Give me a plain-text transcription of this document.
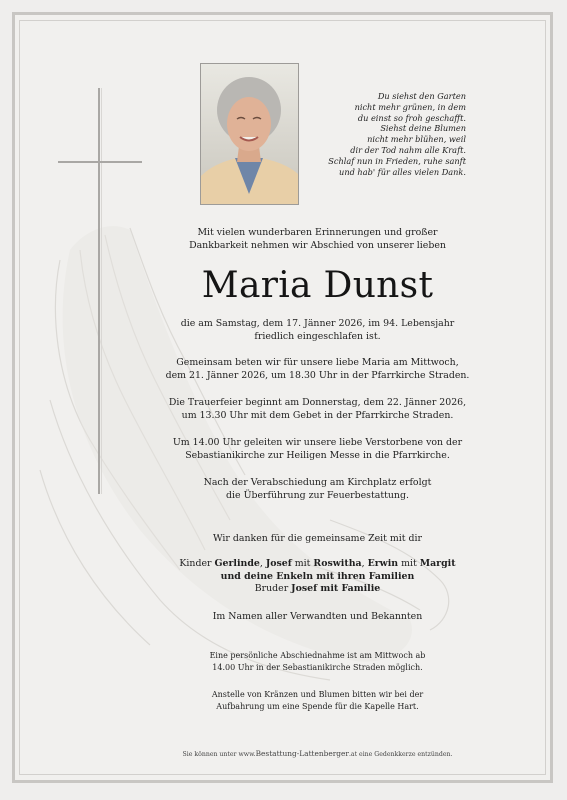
Du siehst den Garten
nicht mehr grünen, in dem
du einst so froh geschafft.
Siehst deine Blumen
nicht mehr blühen, weil
dir der Tod nahm alle Kraft.
Schlaf nun in Frieden, ruhe sanft
und hab' für alles vielen Dank.
Mit vielen wunderbaren Erinnerungen und großer
Dankbarkeit nehmen wir Abschied von unserer lieben
Maria Dunst
die am Samstag, dem 17. Jänner 2026, im 94. Lebensjahr
friedlich eingeschlafen ist.
Gemeinsam beten wir für unsere liebe Maria am Mittwoch,
dem 21. Jänner 2026, um 18.30 Uhr in der Pfarrkirche Straden.
Die Trauerfeier beginnt am Donnerstag, dem 22. Jänner 2026,
um 13.30 Uhr mit dem Gebet in der Pfarrkirche Straden.
Um 14.00 Uhr geleiten wir unsere liebe Verstorbene von der
Sebastianikirche zur Heiligen Messe in die Pfarrkirche.
Nach der Verabschiedung am Kirchplatz erfolgt
die Überführung zur Feuerbestattung.
Wir danken für die gemeinsame Zeit mit dir
Kinder Gerlinde, Josef mit Roswitha, Erwin mit Margit
und deine Enkeln mit ihren Familien
Bruder Josef mit Familie
Im Namen aller Verwandten und Bekannten
Eine persönliche Abschiednahme ist am Mittwoch ab
14.00 Uhr in der Sebastianikirche Straden möglich.
Anstelle von Kränzen und Blumen bitten wir bei der
Aufbahrung um eine Spende für die Kapelle Hart.
Sie können unter www.Bestattung-Lattenberger.at eine Gedenkkerze entzünden.
